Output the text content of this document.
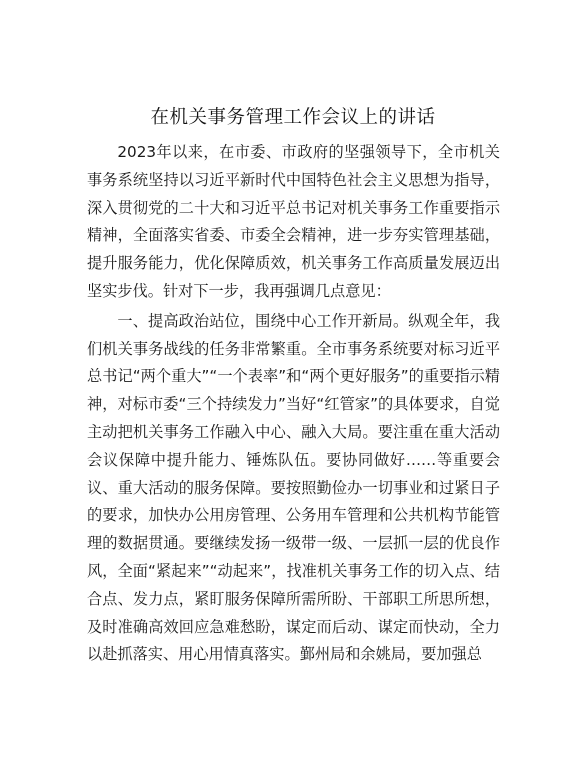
在机关事务管理工作会议上的讲话

2023年以来，在市委、市政府的坚强领导下，全市机关事务系统坚持以习近平新时代中国特色社会主义思想为指导，深入贯彻党的二十大和习近平总书记对机关事务工作重要指示精神，全面落实省委、市委全会精神，进一步夯实管理基础，提升服务能力，优化保障质效，机关事务工作高质量发展迈出坚实步伐。针对下一步，我再强调几点意见：

一、提高政治站位，围绕中心工作开新局。纵观全年，我们机关事务战线的任务非常繁重。全市事务系统要对标习近平总书记“两个重大”“一个表率”和“两个更好服务”的重要指示精神，对标市委“三个持续发力”当好“红管家”的具体要求，自觉主动把机关事务工作融入中心、融入大局。要注重在重大活动会议保障中提升能力、锤炼队伍。要协同做好……等重要会议、重大活动的服务保障。要按照勤俭办一切事业和过紧日子的要求，加快办公用房管理、公务用车管理和公共机构节能管理的数据贯通。要继续发扬一级带一级、一层抓一层的优良作风，全面“紧起来”“动起来”，找准机关事务工作的切入点、结合点、发力点，紧盯服务保障所需所盼、干部职工所思所想，及时准确高效回应急难愁盼，谋定而后动、谋定而快动，全力以赴抓落实、用心用情真落实。鄞州局和余姚局，要加强总
